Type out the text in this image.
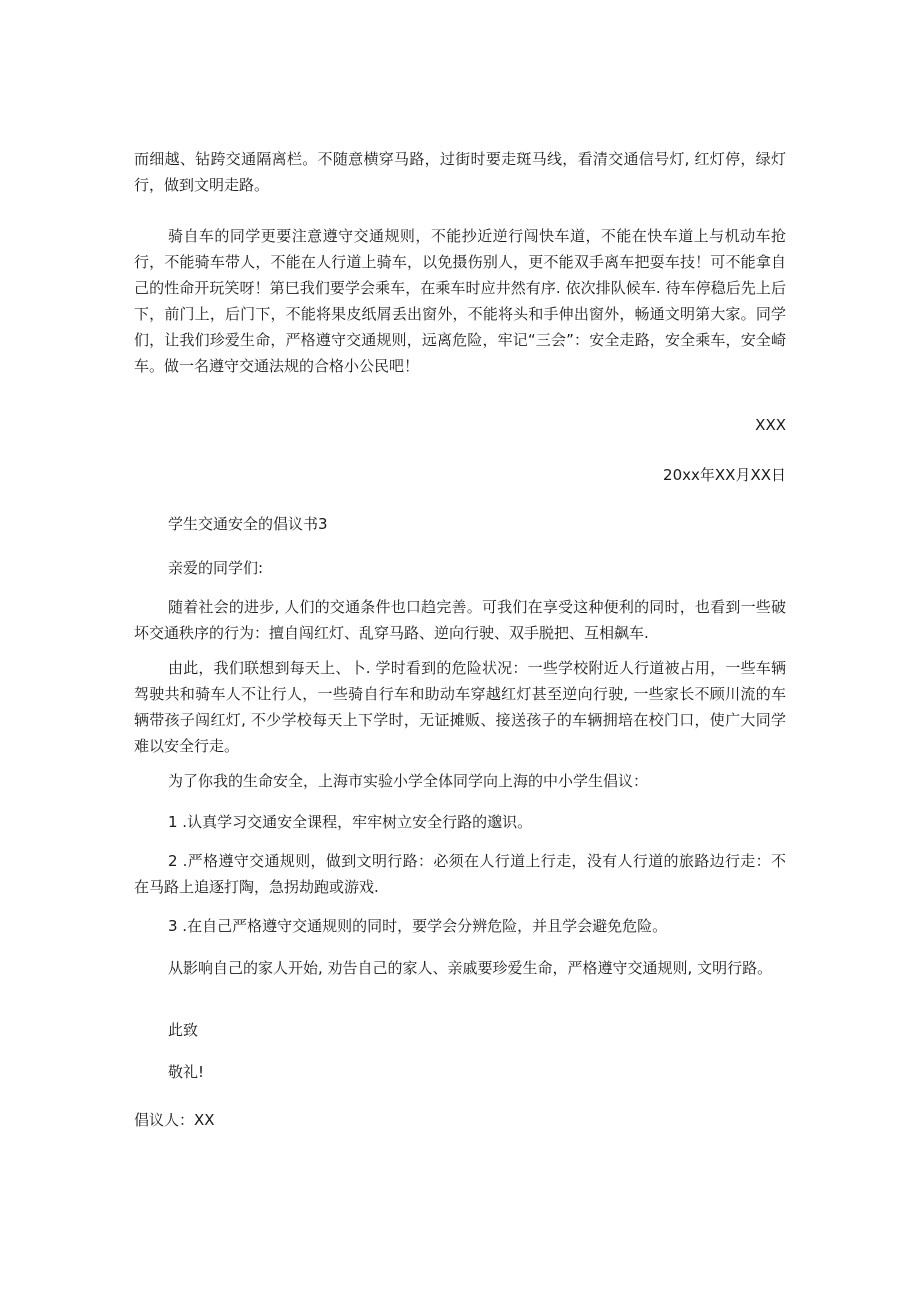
而细越、钻跨交通隔离栏。不随意横穿马路，过街时要走斑马线，看清交通信号灯, 红灯停，绿灯行，做到文明走路。

骑自车的同学更要注意遵守交通规则，不能抄近逆行闯快车道，不能在快车道上与机动车抢行，不能骑车带人，不能在人行道上骑车，以免摄伤别人，更不能双手离车把耍车技！可不能拿自己的性命开玩笑呀！第巳我们要学会乘车，在乘车时应井然有序. 依次排队候车. 待车停稳后先上后下，前门上，后门下，不能将果皮纸屑丢出窗外，不能将头和手伸出窗外，畅通文明第大家。同学们，让我们珍爱生命，严格遵守交通规则，远离危险，牢记“三会”：安全走路，安全乘车，安全崎车。做一名遵守交通法规的合格小公民吧！

XXX
20xx年XX月XX日
学生交通安全的倡议书3
亲爱的同学们:

随着社会的进步, 人们的交通条件也口趋完善。可我们在享受这种便利的同时，也看到一些破坏交通秩序的行为：擅自闯红灯、乱穿马路、逆向行驶、双手脱把、互相飙车.

由此，我们联想到每天上、卜. 学时看到的危险状况：一些学校附近人行道被占用，一些车辆驾驶共和骑车人不让行人，一些骑自行车和助动车穿越红灯甚至逆向行驶, 一些家长不顾川流的车辆带孩子闯红灯, 不少学校每天上下学时，无证摊贩、接送孩子的车辆拥培在校门口，使广大同学难以安全行走。

为了你我的生命安全，上海市实验小学全体同学向上海的中小学生倡议：
1 .认真学习交通安全课程，牢牢树立安全行路的邈识。

2 .严格遵守交通规则，做到文明行路：必须在人行道上行走，没有人行道的旅路边行走：不在马路上追逐打陶，急拐劫跑或游戏.

3 .在自己严格遵守交通规则的同时，要学会分辨危险，并且学会避免危险。

从影响自己的家人开始, 劝告自己的家人、亲戚要珍爱生命，严格遵守交通规则, 文明行路。

此致
敬礼!
倡议人：XX
